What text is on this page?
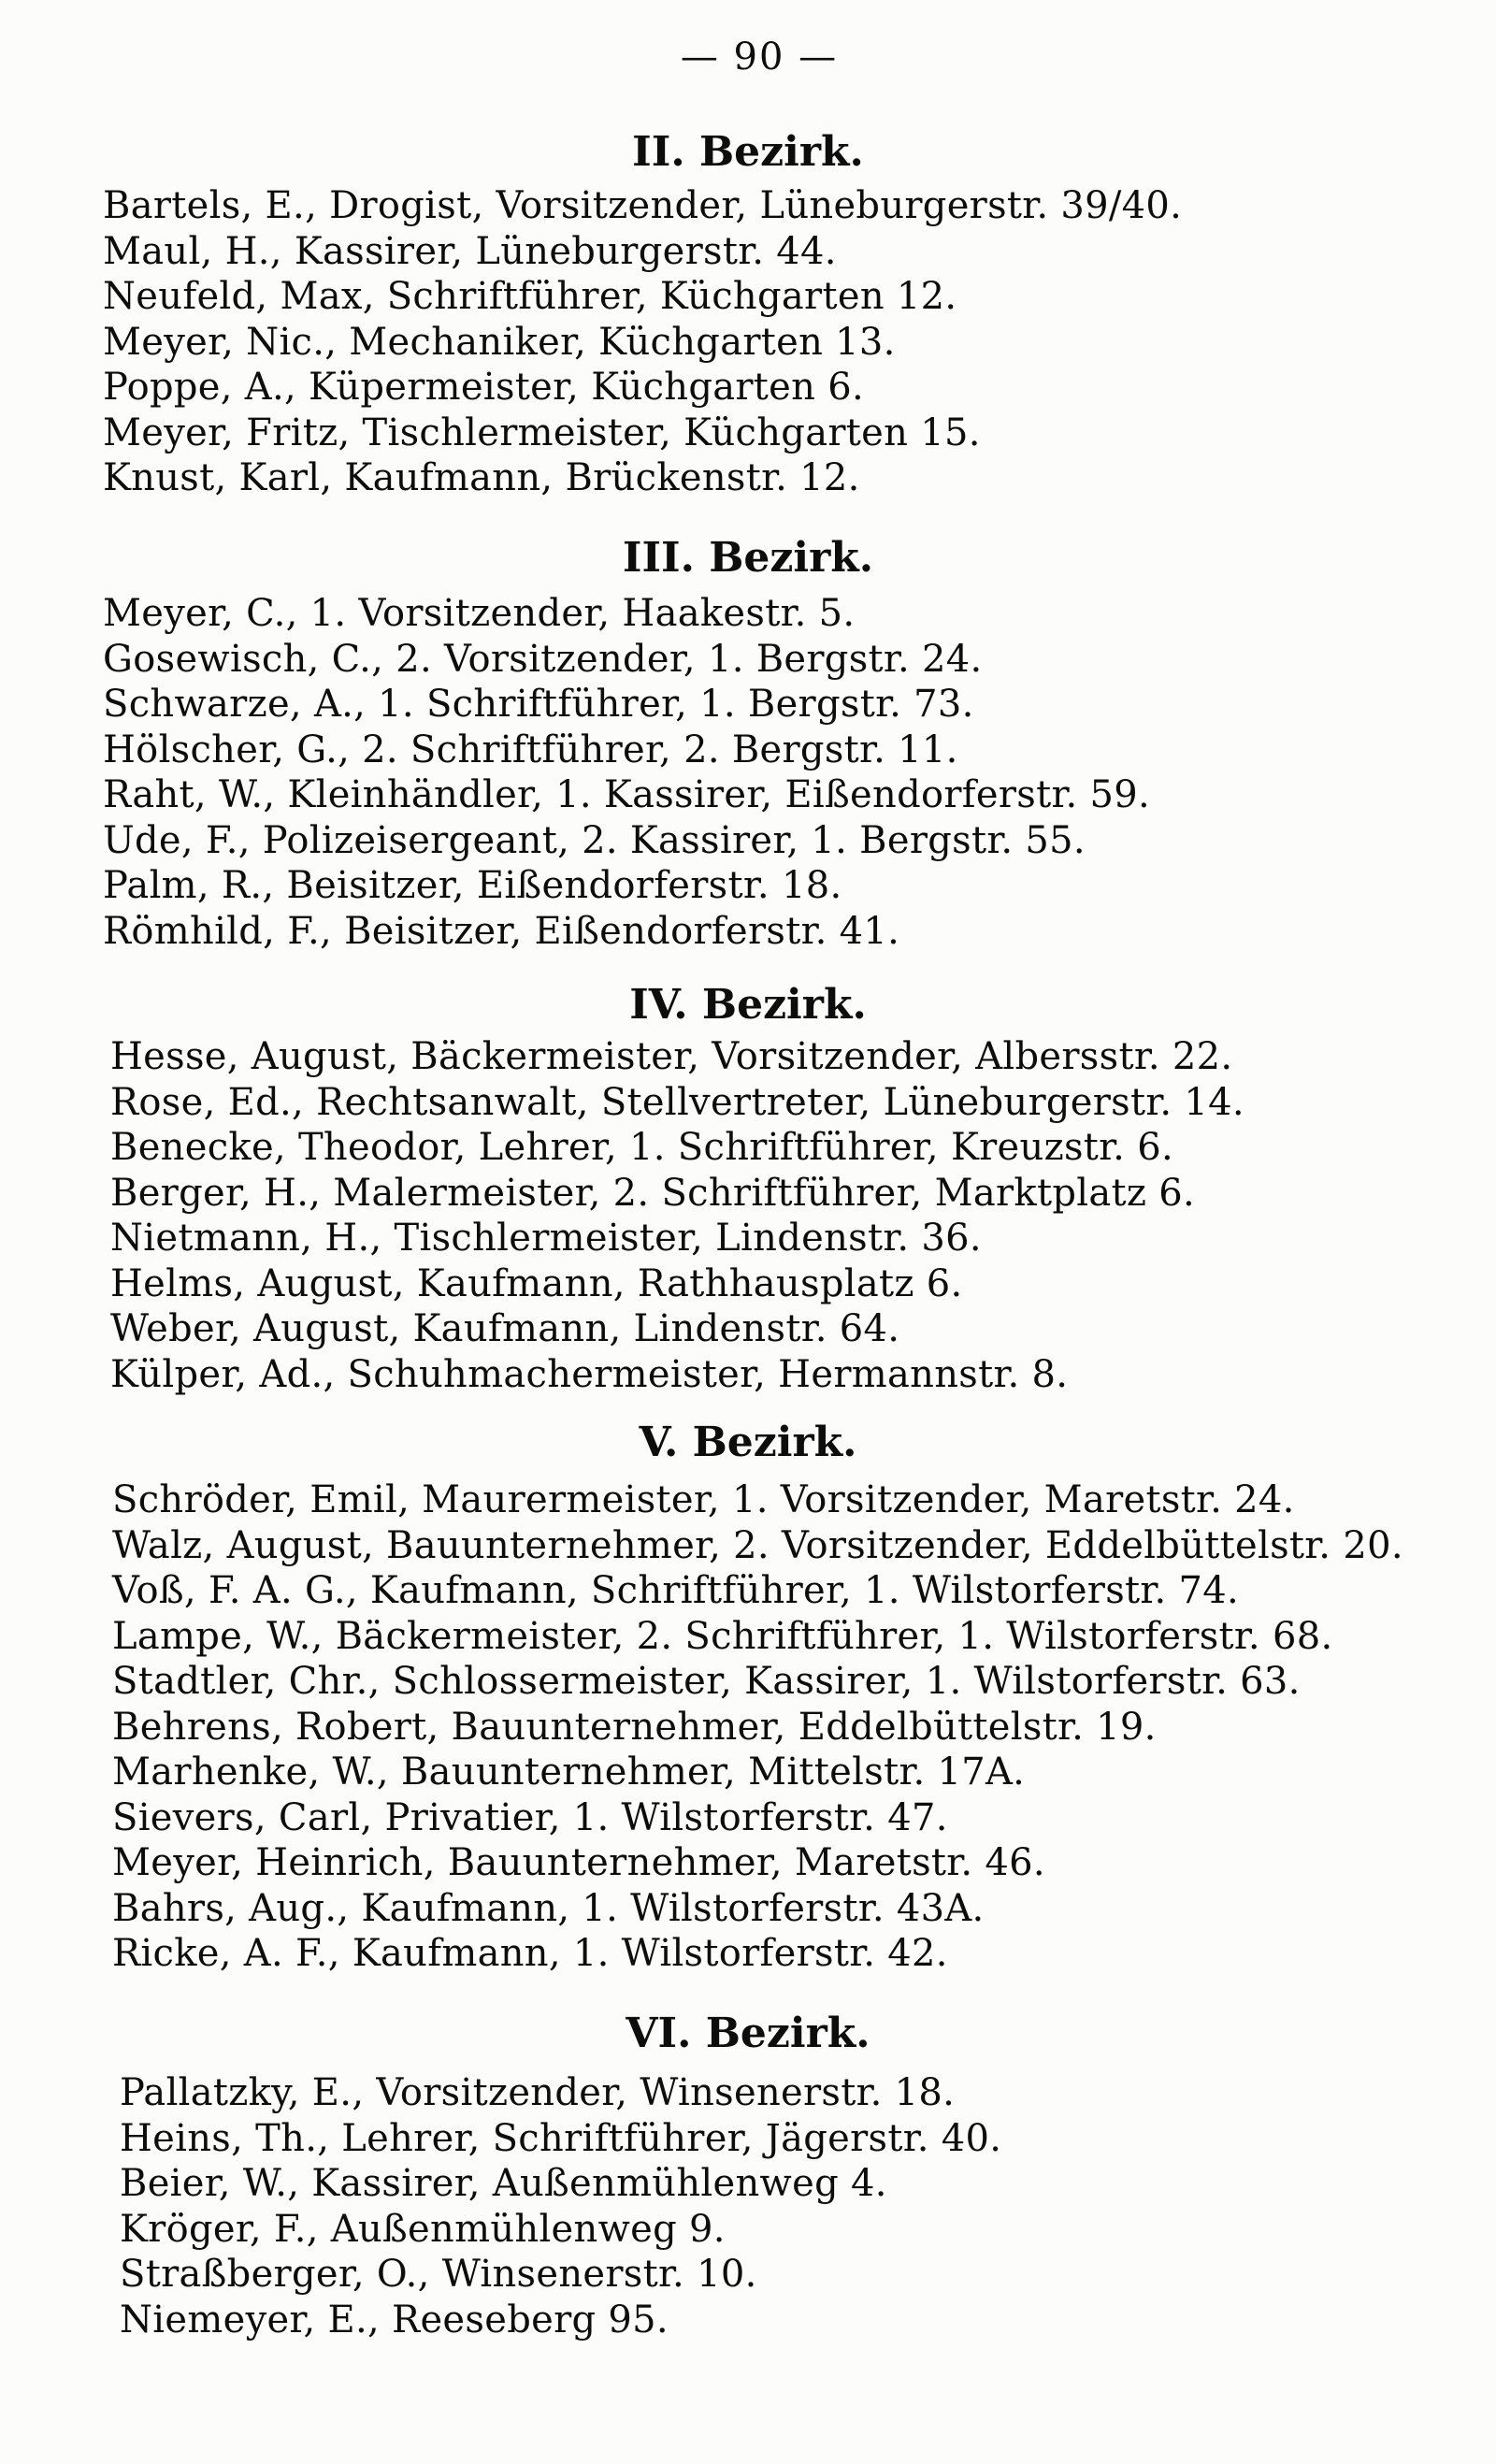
— 90 —
II. Bezirk.
Bartels, E., Drogist, Vorsitzender, Lüneburgerstr. 39/40.
Maul, H., Kassirer, Lüneburgerstr. 44.
Neufeld, Max, Schriftführer, Küchgarten 12.
Meyer, Nic., Mechaniker, Küchgarten 13.
Poppe, A., Küpermeister, Küchgarten 6.
Meyer, Fritz, Tischlermeister, Küchgarten 15.
Knust, Karl, Kaufmann, Brückenstr. 12.
III. Bezirk.
Meyer, C., 1. Vorsitzender, Haakestr. 5.
Gosewisch, C., 2. Vorsitzender, 1. Bergstr. 24.
Schwarze, A., 1. Schriftführer, 1. Bergstr. 73.
Hölscher, G., 2. Schriftführer, 2. Bergstr. 11.
Raht, W., Kleinhändler, 1. Kassirer, Eißendorferstr. 59.
Ude, F., Polizeisergeant, 2. Kassirer, 1. Bergstr. 55.
Palm, R., Beisitzer, Eißendorferstr. 18.
Römhild, F., Beisitzer, Eißendorferstr. 41.
IV. Bezirk.
Hesse, August, Bäckermeister, Vorsitzender, Albersstr. 22.
Rose, Ed., Rechtsanwalt, Stellvertreter, Lüneburgerstr. 14.
Benecke, Theodor, Lehrer, 1. Schriftführer, Kreuzstr. 6.
Berger, H., Malermeister, 2. Schriftführer, Marktplatz 6.
Nietmann, H., Tischlermeister, Lindenstr. 36.
Helms, August, Kaufmann, Rathhausplatz 6.
Weber, August, Kaufmann, Lindenstr. 64.
Külper, Ad., Schuhmachermeister, Hermannstr. 8.
V. Bezirk.
Schröder, Emil, Maurermeister, 1. Vorsitzender, Maretstr. 24.
Walz, August, Bauunternehmer, 2. Vorsitzender, Eddelbüttelstr. 20.
Voß, F. A. G., Kaufmann, Schriftführer, 1. Wilstorferstr. 74.
Lampe, W., Bäckermeister, 2. Schriftführer, 1. Wilstorferstr. 68.
Stadtler, Chr., Schlossermeister, Kassirer, 1. Wilstorferstr. 63.
Behrens, Robert, Bauunternehmer, Eddelbüttelstr. 19.
Marhenke, W., Bauunternehmer, Mittelstr. 17A.
Sievers, Carl, Privatier, 1. Wilstorferstr. 47.
Meyer, Heinrich, Bauunternehmer, Maretstr. 46.
Bahrs, Aug., Kaufmann, 1. Wilstorferstr. 43A.
Ricke, A. F., Kaufmann, 1. Wilstorferstr. 42.
VI. Bezirk.
Pallatzky, E., Vorsitzender, Winsenerstr. 18.
Heins, Th., Lehrer, Schriftführer, Jägerstr. 40.
Beier, W., Kassirer, Außenmühlenweg 4.
Kröger, F., Außenmühlenweg 9.
Straßberger, O., Winsenerstr. 10.
Niemeyer, E., Reeseberg 95.
